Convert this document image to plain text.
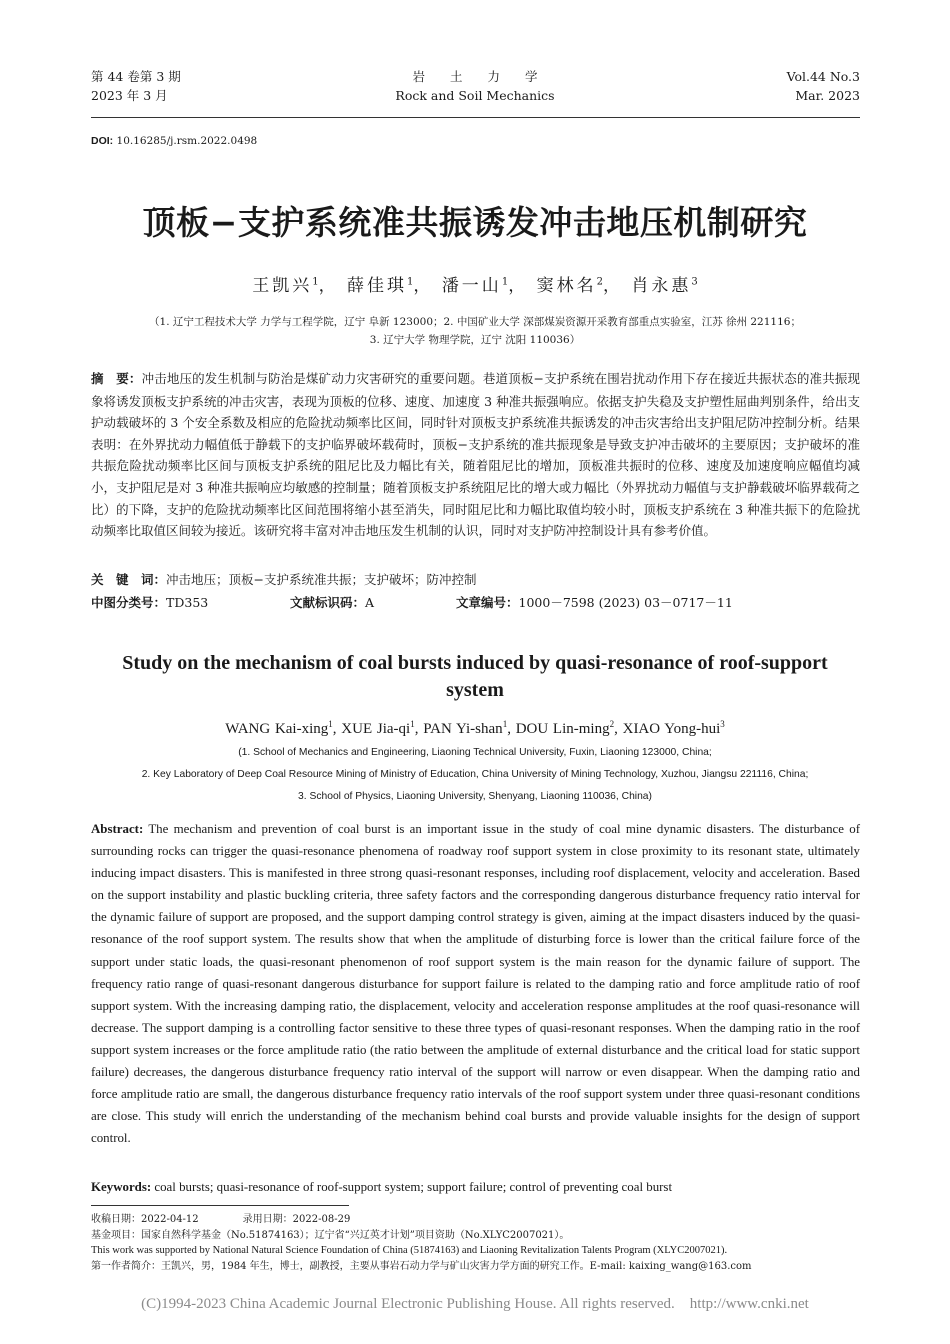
第 44 卷第 3 期
2023 年 3 月
岩　　土　　力　　学
Rock and Soil Mechanics
Vol.44 No.3
Mar. 2023
DOI: 10.16285/j.rsm.2022.0498
顶板−支护系统准共振诱发冲击地压机制研究
王凯兴$^1$， 薛佳琪$^1$， 潘一山$^1$， 窦林名$^2$， 肖永惠$^3$
（1. 辽宁工程技术大学 力学与工程学院，辽宁 阜新 123000；2. 中国矿业大学 深部煤炭资源开采教育部重点实验室，江苏 徐州 221116；
3. 辽宁大学 物理学院，辽宁 沈阳 110036）
摘　要：冲击地压的发生机制与防治是煤矿动力灾害研究的重要问题。巷道顶板−支护系统在围岩扰动作用下存在接近共振状态的准共振现象将诱发顶板支护系统的冲击灾害，表现为顶板的位移、速度、加速度 3 种准共振强响应。依据支护失稳及支护塑性屈曲判别条件，给出支护动载破坏的 3 个安全系数及相应的危险扰动频率比区间，同时针对顶板支护系统准共振诱发的冲击灾害给出支护阻尼防冲控制分析。结果表明：在外界扰动力幅值低于静载下的支护临界破坏载荷时，顶板−支护系统的准共振现象是导致支护冲击破坏的主要原因；支护破坏的准共振危险扰动频率比区间与顶板支护系统的阻尼比及力幅比有关，随着阻尼比的增加，顶板准共振时的位移、速度及加速度响应幅值均减小，支护阻尼是对 3 种准共振响应均敏感的控制量；随着顶板支护系统阻尼比的增大或力幅比（外界扰动力幅值与支护静载破坏临界载荷之比）的下降，支护的危险扰动频率比区间范围将缩小甚至消失，同时阻尼比和力幅比取值均较小时，顶板支护系统在 3 种准共振下的危险扰动频率比取值区间较为接近。该研究将丰富对冲击地压发生机制的认识，同时对支护防冲控制设计具有参考价值。
关　键　词：冲击地压；顶板−支护系统准共振；支护破坏；防冲控制
中图分类号：TD353	文献标识码：A	文章编号：1000－7598 (2023) 03－0717－11
Study on the mechanism of coal bursts induced by quasi-resonance of roof-support system
WANG Kai-xing$^1$, XUE Jia-$qi^1$, PAN Yi-shan$^1$, DOU Lin-ming$^2$, XIAO Yong-hui$^3$
(1. School of Mechanics and Engineering, Liaoning Technical University, Fuxin, Liaoning 123000, China;
2. Key Laboratory of Deep Coal Resource Mining of Ministry of Education, China University of Mining Technology, Xuzhou, Jiangsu 221116, China;
3. School of Physics, Liaoning University, Shenyang, Liaoning 110036, China)
Abstract: The mechanism and prevention of coal burst is an important issue in the study of coal mine dynamic disasters. The disturbance of surrounding rocks can trigger the quasi-resonance phenomena of roadway roof support system in close proximity to its resonant state, ultimately inducing impact disasters. This is manifested in three strong quasi-resonant responses, including roof displacement, velocity and acceleration. Based on the support instability and plastic buckling criteria, three safety factors and the corresponding dangerous disturbance frequency ratio interval for the dynamic failure of support are proposed, and the support damping control strategy is given, aiming at the impact disasters induced by the quasi-resonance of the roof support system. The results show that when the amplitude of disturbing force is lower than the critical failure force of the support under static loads, the quasi-resonant phenomenon of roof support system is the main reason for the dynamic failure of support. The frequency ratio range of quasi-resonant dangerous disturbance for support failure is related to the damping ratio and force amplitude ratio of roof support system. With the increasing damping ratio, the displacement, velocity and acceleration response amplitudes at the roof quasi-resonance will decrease. The support damping is a controlling factor sensitive to these three types of quasi-resonant responses. When the damping ratio in the roof support system increases or the force amplitude ratio (the ratio between the amplitude of external disturbance and the critical load for static support failure) decreases, the dangerous disturbance frequency ratio interval of the support will narrow or even disappear. When the damping ratio and force amplitude ratio are small, the dangerous disturbance frequency ratio intervals of the roof support system under three quasi-resonant conditions are close. This study will enrich the understanding of the mechanism behind coal bursts and provide valuable insights for the design of support control.
Keywords: coal bursts; quasi-resonance of roof-support system; support failure; control of preventing coal burst
收稿日期：2022-04-12	录用日期：2022-08-29
基金项目：国家自然科学基金（No.51874163）；辽宁省“兴辽英才计划”项目资助（No.XLYC2007021）。
This work was supported by National Natural Science Foundation of China (51874163) and Liaoning Revitalization Talents Program (XLYC2007021).
第一作者简介：王凯兴，男，1984 年生，博士，副教授，主要从事岩石动力学与矿山灾害力学方面的研究工作。E-mail: kaixing_wang@163.com
(C)1994-2023 China Academic Journal Electronic Publishing House. All rights reserved.    http://www.cnki.net
